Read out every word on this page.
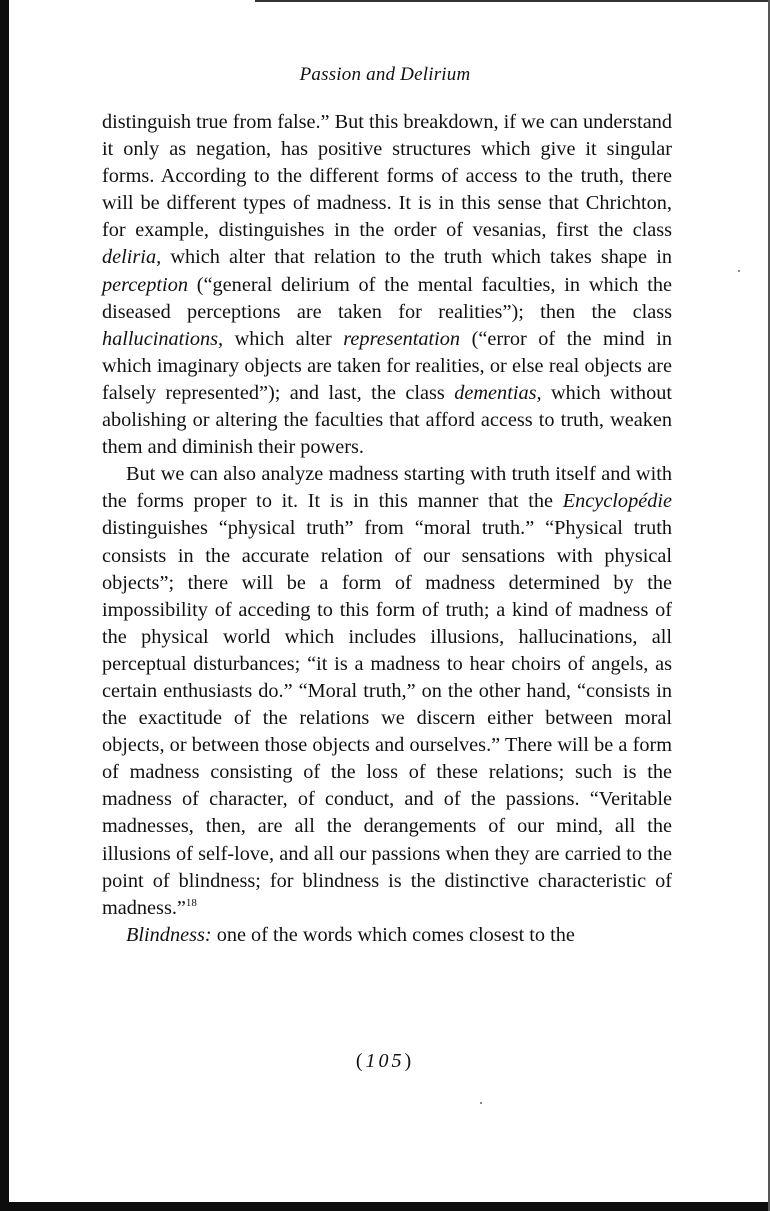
Passion and Delirium

distinguish true from false.” But this breakdown, if we can understand it only as negation, has positive structures which give it singular forms. According to the different forms of access to the truth, there will be different types of madness. It is in this sense that Chrichton, for example, distinguishes in the order of vesanias, first the class deliria, which alter that relation to the truth which takes shape in perception (“general delirium of the mental faculties, in which the diseased perceptions are taken for realities”); then the class hallucinations, which alter representation (“error of the mind in which imaginary objects are taken for realities, or else real objects are falsely represented”); and last, the class dementias, which without abolishing or altering the faculties that afford access to truth, weaken them and diminish their powers.

But we can also analyze madness starting with truth itself and with the forms proper to it. It is in this manner that the Encyclopédie distinguishes “physical truth” from “moral truth.” “Physical truth consists in the accurate relation of our sensations with physical objects”; there will be a form of madness determined by the impossibility of acceding to this form of truth; a kind of madness of the physical world which includes illusions, hallucinations, all perceptual disturbances; “it is a madness to hear choirs of angels, as certain enthusiasts do.” “Moral truth,” on the other hand, “consists in the exactitude of the relations we discern either between moral objects, or between those objects and ourselves.” There will be a form of madness consisting of the loss of these relations; such is the madness of character, of conduct, and of the passions. “Veritable madnesses, then, are all the derangements of our mind, all the illusions of self-love, and all our passions when they are carried to the point of blindness; for blindness is the distinctive characteristic of madness.”$^{18}$

Blindness: one of the words which comes closest to the

(105)
